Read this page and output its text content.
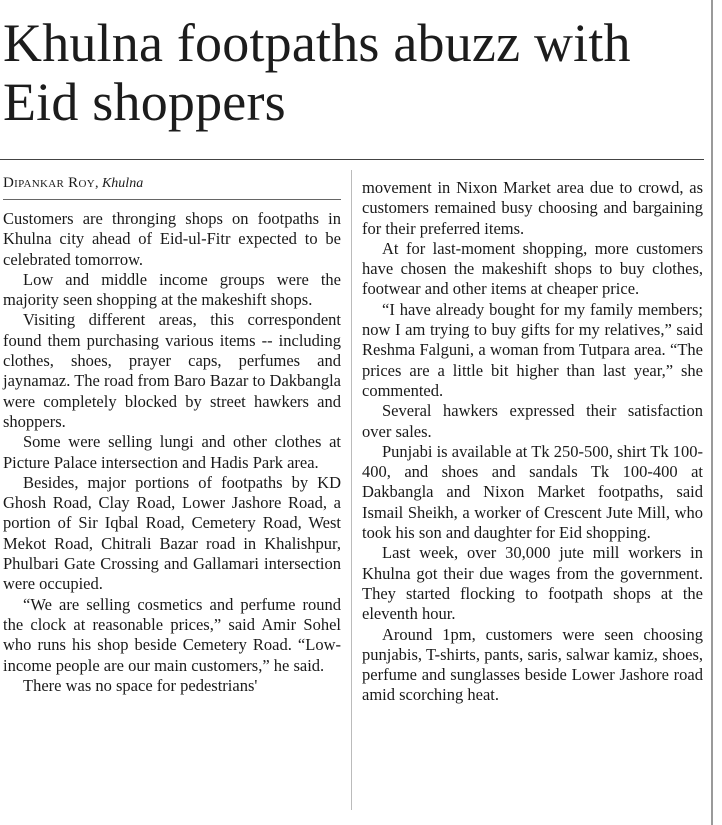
Khulna footpaths abuzz with Eid shoppers
Dipankar Roy, Khulna

Customers are thronging shops on footpaths in Khulna city ahead of Eid-ul-Fitr expected to be celebrated tomorrow.

Low and middle income groups were the majority seen shopping at the makeshift shops.

Visiting different areas, this correspondent found them purchasing various items -- including clothes, shoes, prayer caps, perfumes and jaynamaz. The road from Baro Bazar to Dakbangla were completely blocked by street hawkers and shoppers.

Some were selling lungi and other clothes at Picture Palace intersection and Hadis Park area.

Besides, major portions of footpaths by KD Ghosh Road, Clay Road, Lower Jashore Road, a portion of Sir Iqbal Road, Cemetery Road, West Mekot Road, Chitrali Bazar road in Khalishpur, Phulbari Gate Crossing and Gallamari intersection were occupied.

“We are selling cosmetics and perfume round the clock at reasonable prices,” said Amir Sohel who runs his shop beside Cemetery Road. “Low-income people are our main customers,” he said.

There was no space for pedestrians'

movement in Nixon Market area due to crowd, as customers remained busy choosing and bargaining for their preferred items.

At for last-moment shopping, more customers have chosen the makeshift shops to buy clothes, footwear and other items at cheaper price.

“I have already bought for my family members; now I am trying to buy gifts for my relatives,” said Reshma Falguni, a woman from Tutpara area. “The prices are a little bit higher than last year,” she commented.

Several hawkers expressed their satisfaction over sales.

Punjabi is available at Tk 250-500, shirt Tk 100-400, and shoes and sandals Tk 100-400 at Dakbangla and Nixon Market footpaths, said Ismail Sheikh, a worker of Crescent Jute Mill, who took his son and daughter for Eid shopping.

Last week, over 30,000 jute mill workers in Khulna got their due wages from the government. They started flocking to footpath shops at the eleventh hour.

Around 1pm, customers were seen choosing punjabis, T-shirts, pants, saris, salwar kamiz, shoes, perfume and sunglasses beside Lower Jashore road amid scorching heat.
